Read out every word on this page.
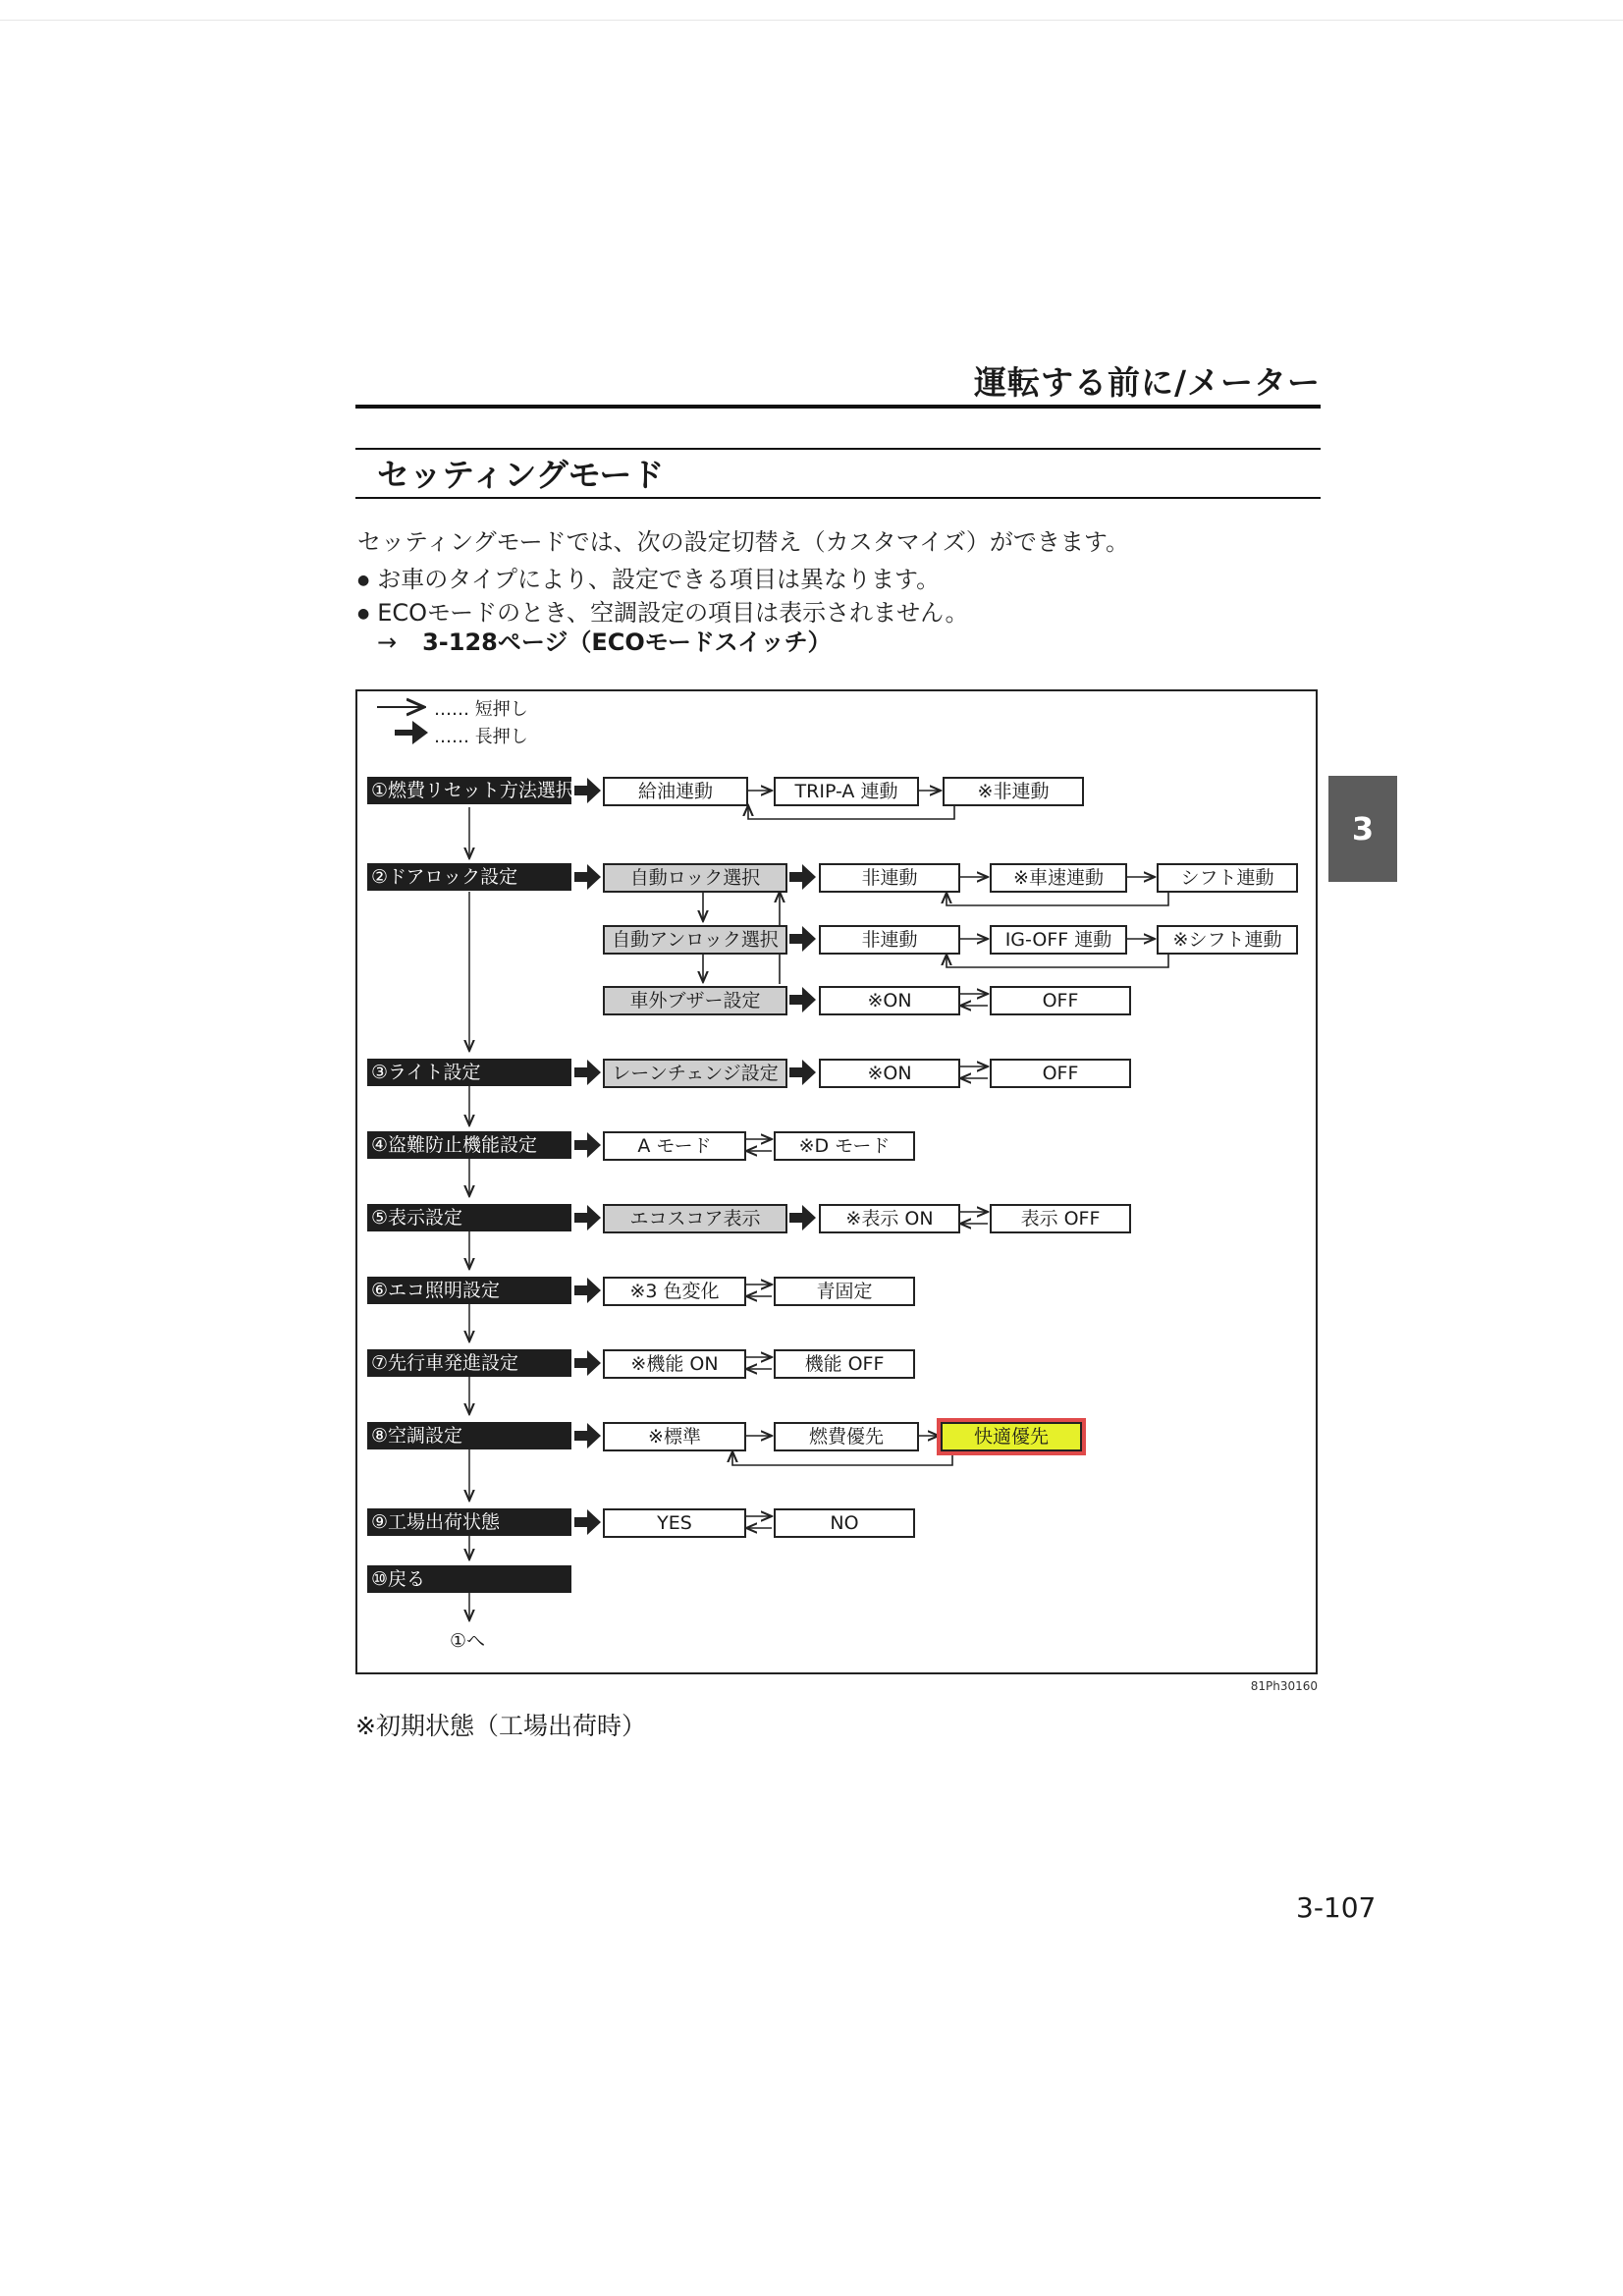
運転する前に/メーター
セッティングモード
セッティングモードでは、次の設定切替え（カスタマイズ）ができます。
● お車のタイプにより、設定できる項目は異なります。
● ECOモードのとき、空調設定の項目は表示されません。
→ 3-128ページ（ECOモードスイッチ）
3
81Ph30160
…… 短押し
…… 長押し
①燃費リセット方法選択
②ドアロック設定
③ライト設定
④盗難防止機能設定
⑤表示設定
⑥エコ照明設定
⑦先行車発進設定
⑧空調設定
⑨工場出荷状態
⑩戻る
給油連動	TRIP-A 連動	※非連動
自動ロック選択	非連動	※車速連動	シフト連動
自動アンロック選択	非連動	IG-OFF 連動	※シフト連動
車外ブザー設定	※ON	OFF
レーンチェンジ設定	※ON	OFF
A モード	※D モード
エコスコア表示	※表示 ON	表示 OFF
※3 色変化	青固定
※機能 ON	機能 OFF
※標準	燃費優先	快適優先
YES	NO
①へ
※初期状態（工場出荷時）
3-107
